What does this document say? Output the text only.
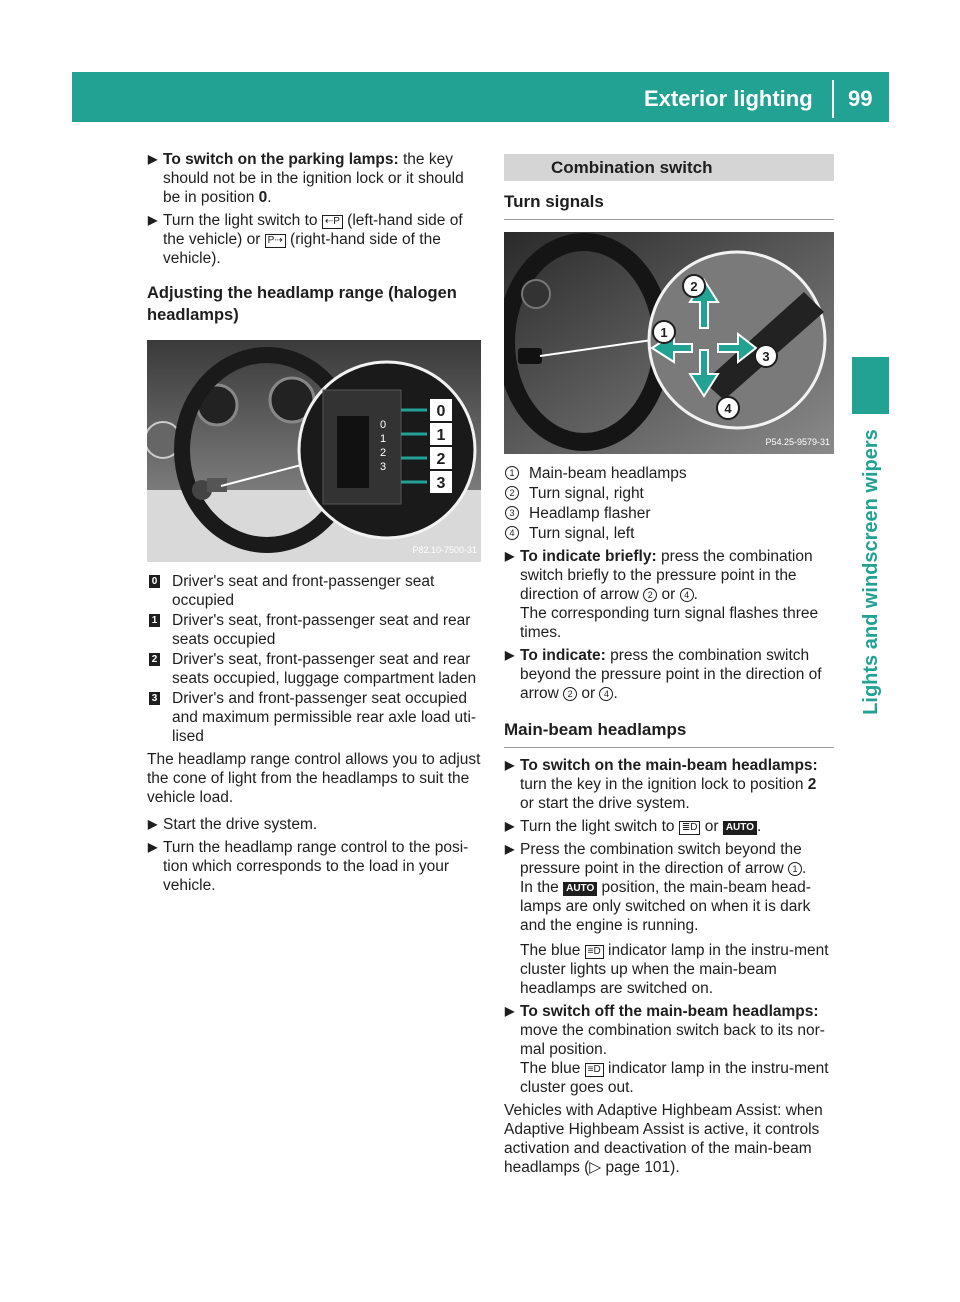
Exterior lighting 99
Lights and windscreen wipers
▶ To switch on the parking lamps: the key should not be in the ignition lock or it should be in position 0.
▶ Turn the light switch to ⇠P (left-hand side of the vehicle) or P⇢ (right-hand side of the vehicle).
Adjusting the headlamp range (halogen headlamps)
0
1
2
3
0
1
2
3
P82.10-7500-31
0 Driver's seat and front-passenger seat occupied
1 Driver's seat, front-passenger seat and rear seats occupied
2 Driver's seat, front-passenger seat and rear seats occupied, luggage compartment laden
3 Driver's and front-passenger seat occupied and maximum permissible rear axle load uti-lised
The headlamp range control allows you to adjust the cone of light from the headlamps to suit the vehicle load.
▶ Start the drive system.
▶ Turn the headlamp range control to the posi-tion which corresponds to the load in your vehicle.
Combination switch
Turn signals
1
2
3
4
P54.25-9579-31
1 Main-beam headlamps
2 Turn signal, right
3 Headlamp flasher
4 Turn signal, left
▶ To indicate briefly: press the combination switch briefly to the pressure point in the direction of arrow 2 or 4 .
The corresponding turn signal flashes three times.
▶ To indicate: press the combination switch beyond the pressure point in the direction of arrow 2 or 4 .
Main-beam headlamps
▶ To switch on the main-beam headlamps: turn the key in the ignition lock to position 2 or start the drive system.
▶ Turn the light switch to ≣D or AUTO .
▶ Press the combination switch beyond the pressure point in the direction of arrow 1 .
In the AUTO position, the main-beam head-lamps are only switched on when it is dark and the engine is running.
The blue ≡D indicator lamp in the instru-ment cluster lights up when the main-beam headlamps are switched on.
▶ To switch off the main-beam headlamps: move the combination switch back to its nor-mal position.
The blue ≡D indicator lamp in the instru-ment cluster goes out.
Vehicles with Adaptive Highbeam Assist: when Adaptive Highbeam Assist is active, it controls activation and deactivation of the main-beam headlamps (▷ page 101).
